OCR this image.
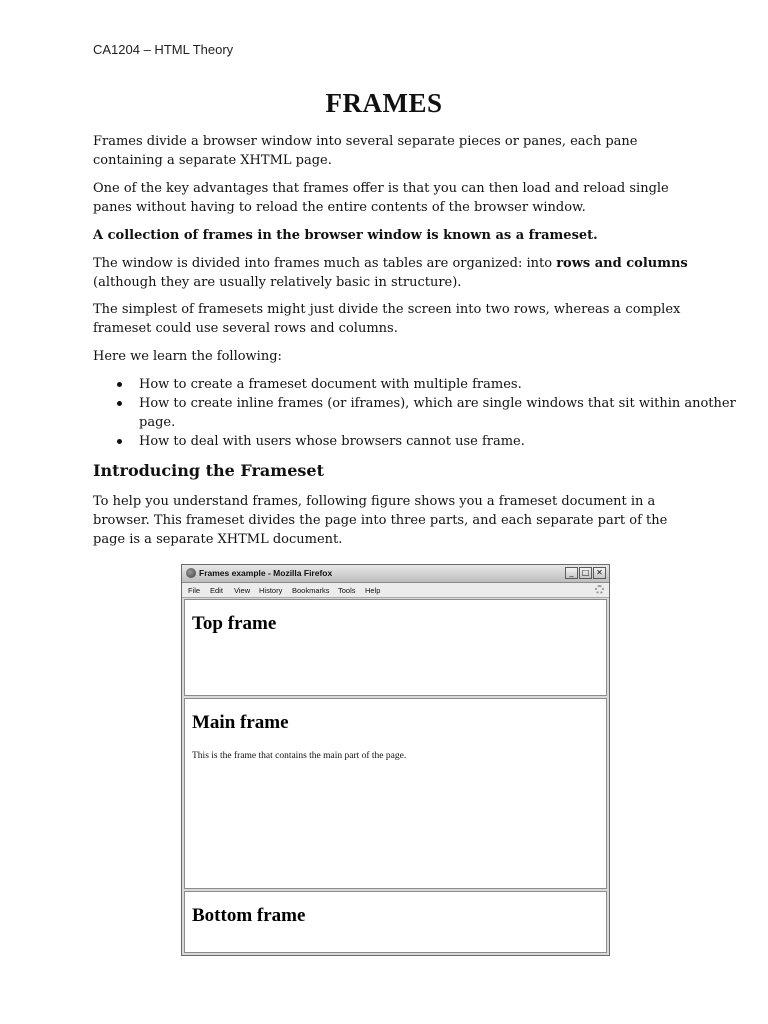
CA1204 – HTML Theory
FRAMES
Frames divide a browser window into several separate pieces or panes, each pane containing a separate XHTML page.
One of the key advantages that frames offer is that you can then load and reload single panes without having to reload the entire contents of the browser window.
A collection of frames in the browser window is known as a frameset.
The window is divided into frames much as tables are organized: into rows and columns (although they are usually relatively basic in structure).
The simplest of framesets might just divide the screen into two rows, whereas a complex frameset could use several rows and columns.
Here we learn the following:
How to create a frameset document with multiple frames.
How to create inline frames (or iframes), which are single windows that sit within another page.
How to deal with users whose browsers cannot use frame.
Introducing the Frameset
To help you understand frames, following figure shows you a frameset document in a browser. This frameset divides the page into three parts, and each separate part of the page is a separate XHTML document.
Frames example - Mozilla Firefox	_	□ ✕
File Edit View History Bookmarks Tools Help
Top frame
Main frame

This is the frame that contains the main part of the page.

Bottom frame
